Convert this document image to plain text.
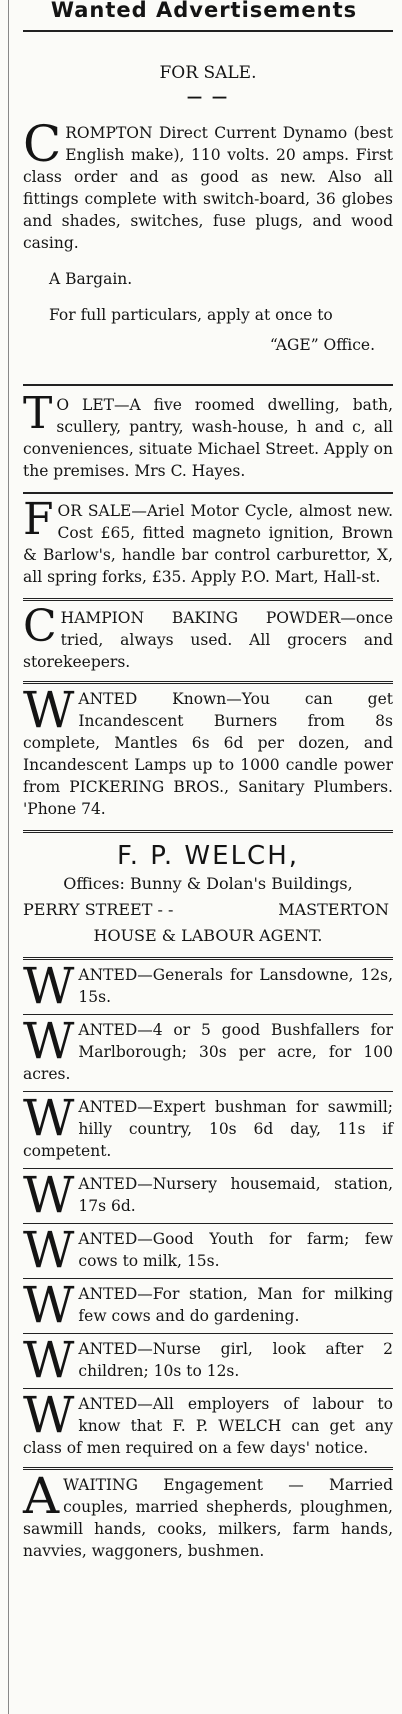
Wanted Advertisements

FOR SALE.

— —

C ROMPTON Direct Current Dynamo (best English make), 110 volts. 20 amps. First class order and as good as new. Also all fittings complete with switch-board, 36 globes and shades, switches, fuse plugs, and wood casing.

A Bargain.

For full particulars, apply at once to

“AGE” Office.

T O LET—A five roomed dwelling, bath, scullery, pantry, wash-house, h and c, all conveniences, situate Michael Street. Apply on the premises. Mrs C. Hayes.

FOR SALE—Ariel Motor Cycle, almost new. Cost £65, fitted magneto ignition, Brown & Barlow's, handle bar control carburettor, X, all spring forks, £35. Apply P.O. Mart, Hall-st.

CHAMPION BAKING POWDER—once tried, always used. All grocers and storekeepers.

WANTED Known—You can get Incandescent Burners from 8s complete, Mantles 6s 6d per dozen, and Incandescent Lamps up to 1000 candle power from PICKERING BROS., Sanitary Plumbers. 'Phone 74.

F. P. WELCH,
Offices: Bunny & Dolan's Buildings,
PERRY STREET - -	MASTERTON
HOUSE & LABOUR AGENT.

WANTED—Generals for Lansdowne, 12s, 15s.

WANTED—4 or 5 good Bushfallers for Marlborough; 30s per acre, for 100 acres.

WANTED—Expert bushman for sawmill; hilly country, 10s 6d day, 11s if competent.

WANTED—Nursery housemaid, station, 17s 6d.

WANTED—Good Youth for farm; few cows to milk, 15s.

WANTED—For station, Man for milking few cows and do gardening.

WANTED—Nurse girl, look after 2 children; 10s to 12s.

WANTED—All employers of labour to know that F. P. WELCH can get any class of men required on a few days' notice.

AWAITING Engagement — Married couples, married shepherds, ploughmen, sawmill hands, cooks, milkers, farm hands, navvies, waggoners, bushmen.
